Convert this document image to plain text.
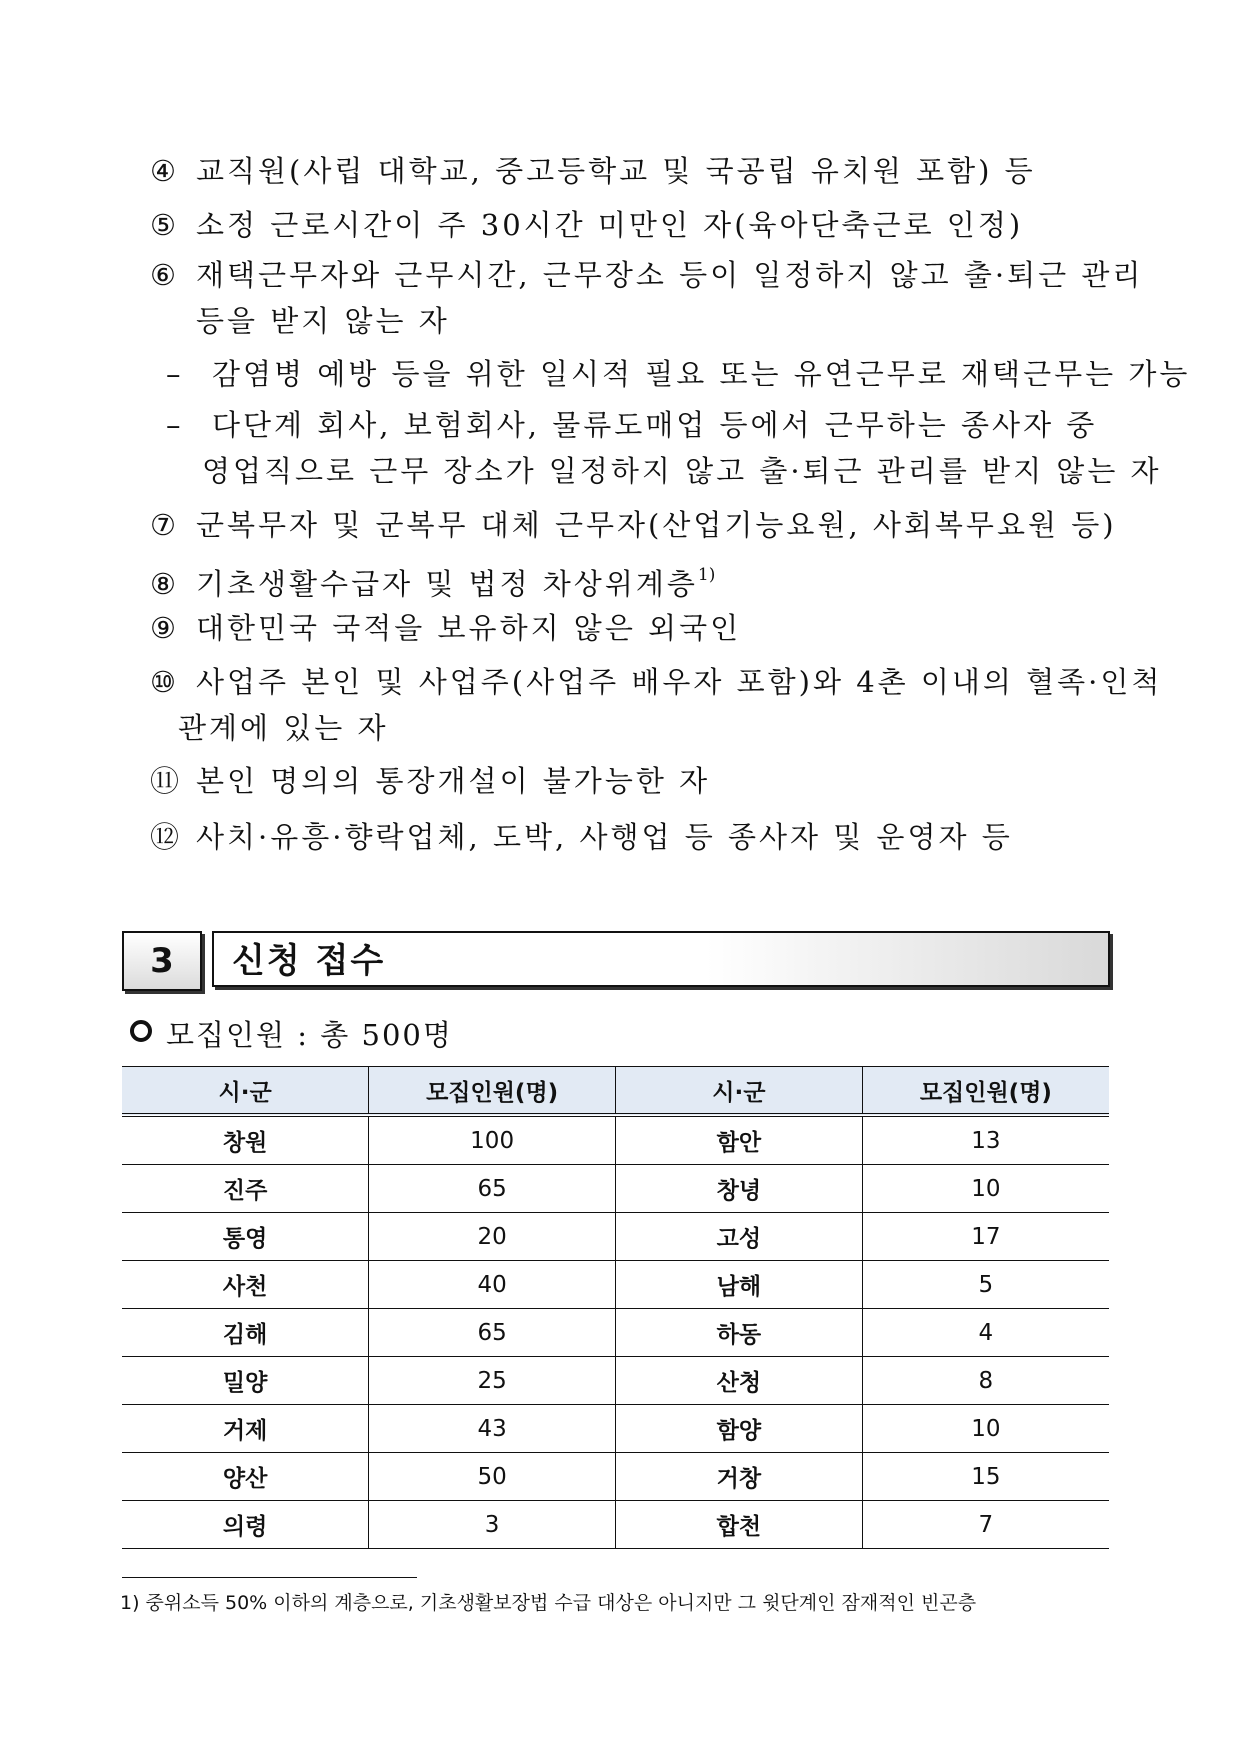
④ 교직원(사립 대학교, 중고등학교 및 국공립 유치원 포함) 등
⑤ 소정 근로시간이 주 30시간 미만인 자(육아단축근로 인정)
⑥ 재택근무자와 근무시간, 근무장소 등이 일정하지 않고 출·퇴근 관리
등을 받지 않는 자
– 감염병 예방 등을 위한 일시적 필요 또는 유연근무로 재택근무는 가능
– 다단계 회사, 보험회사, 물류도매업 등에서 근무하는 종사자 중
영업직으로 근무 장소가 일정하지 않고 출·퇴근 관리를 받지 않는 자
⑦ 군복무자 및 군복무 대체 근무자(산업기능요원, 사회복무요원 등)
⑧ 기초생활수급자 및 법정 차상위계층$^{1)}$
⑨ 대한민국 국적을 보유하지 않은 외국인
⑩ 사업주 본인 및 사업주(사업주 배우자 포함)와 4촌 이내의 혈족·인척
관계에 있는 자
⑪ 본인 명의의 통장개설이 불가능한 자
⑫ 사치·유흥·향락업체, 도박, 사행업 등 종사자 및 운영자 등
3	신청 접수
모집인원 : 총 500명
시·군	모집인원(명)	시·군	모집인원(명)
창원	100	함안	13
진주	65	창녕	10
통영	20	고성	17
사천	40	남해	5
김해	65	하동	4
밀양	25	산청	8
거제	43	함양	10
양산	50	거창	15
의령	3	합천	7
1) 중위소득 50% 이하의 계층으로, 기초생활보장법 수급 대상은 아니지만 그 윗단계인 잠재적인 빈곤층
